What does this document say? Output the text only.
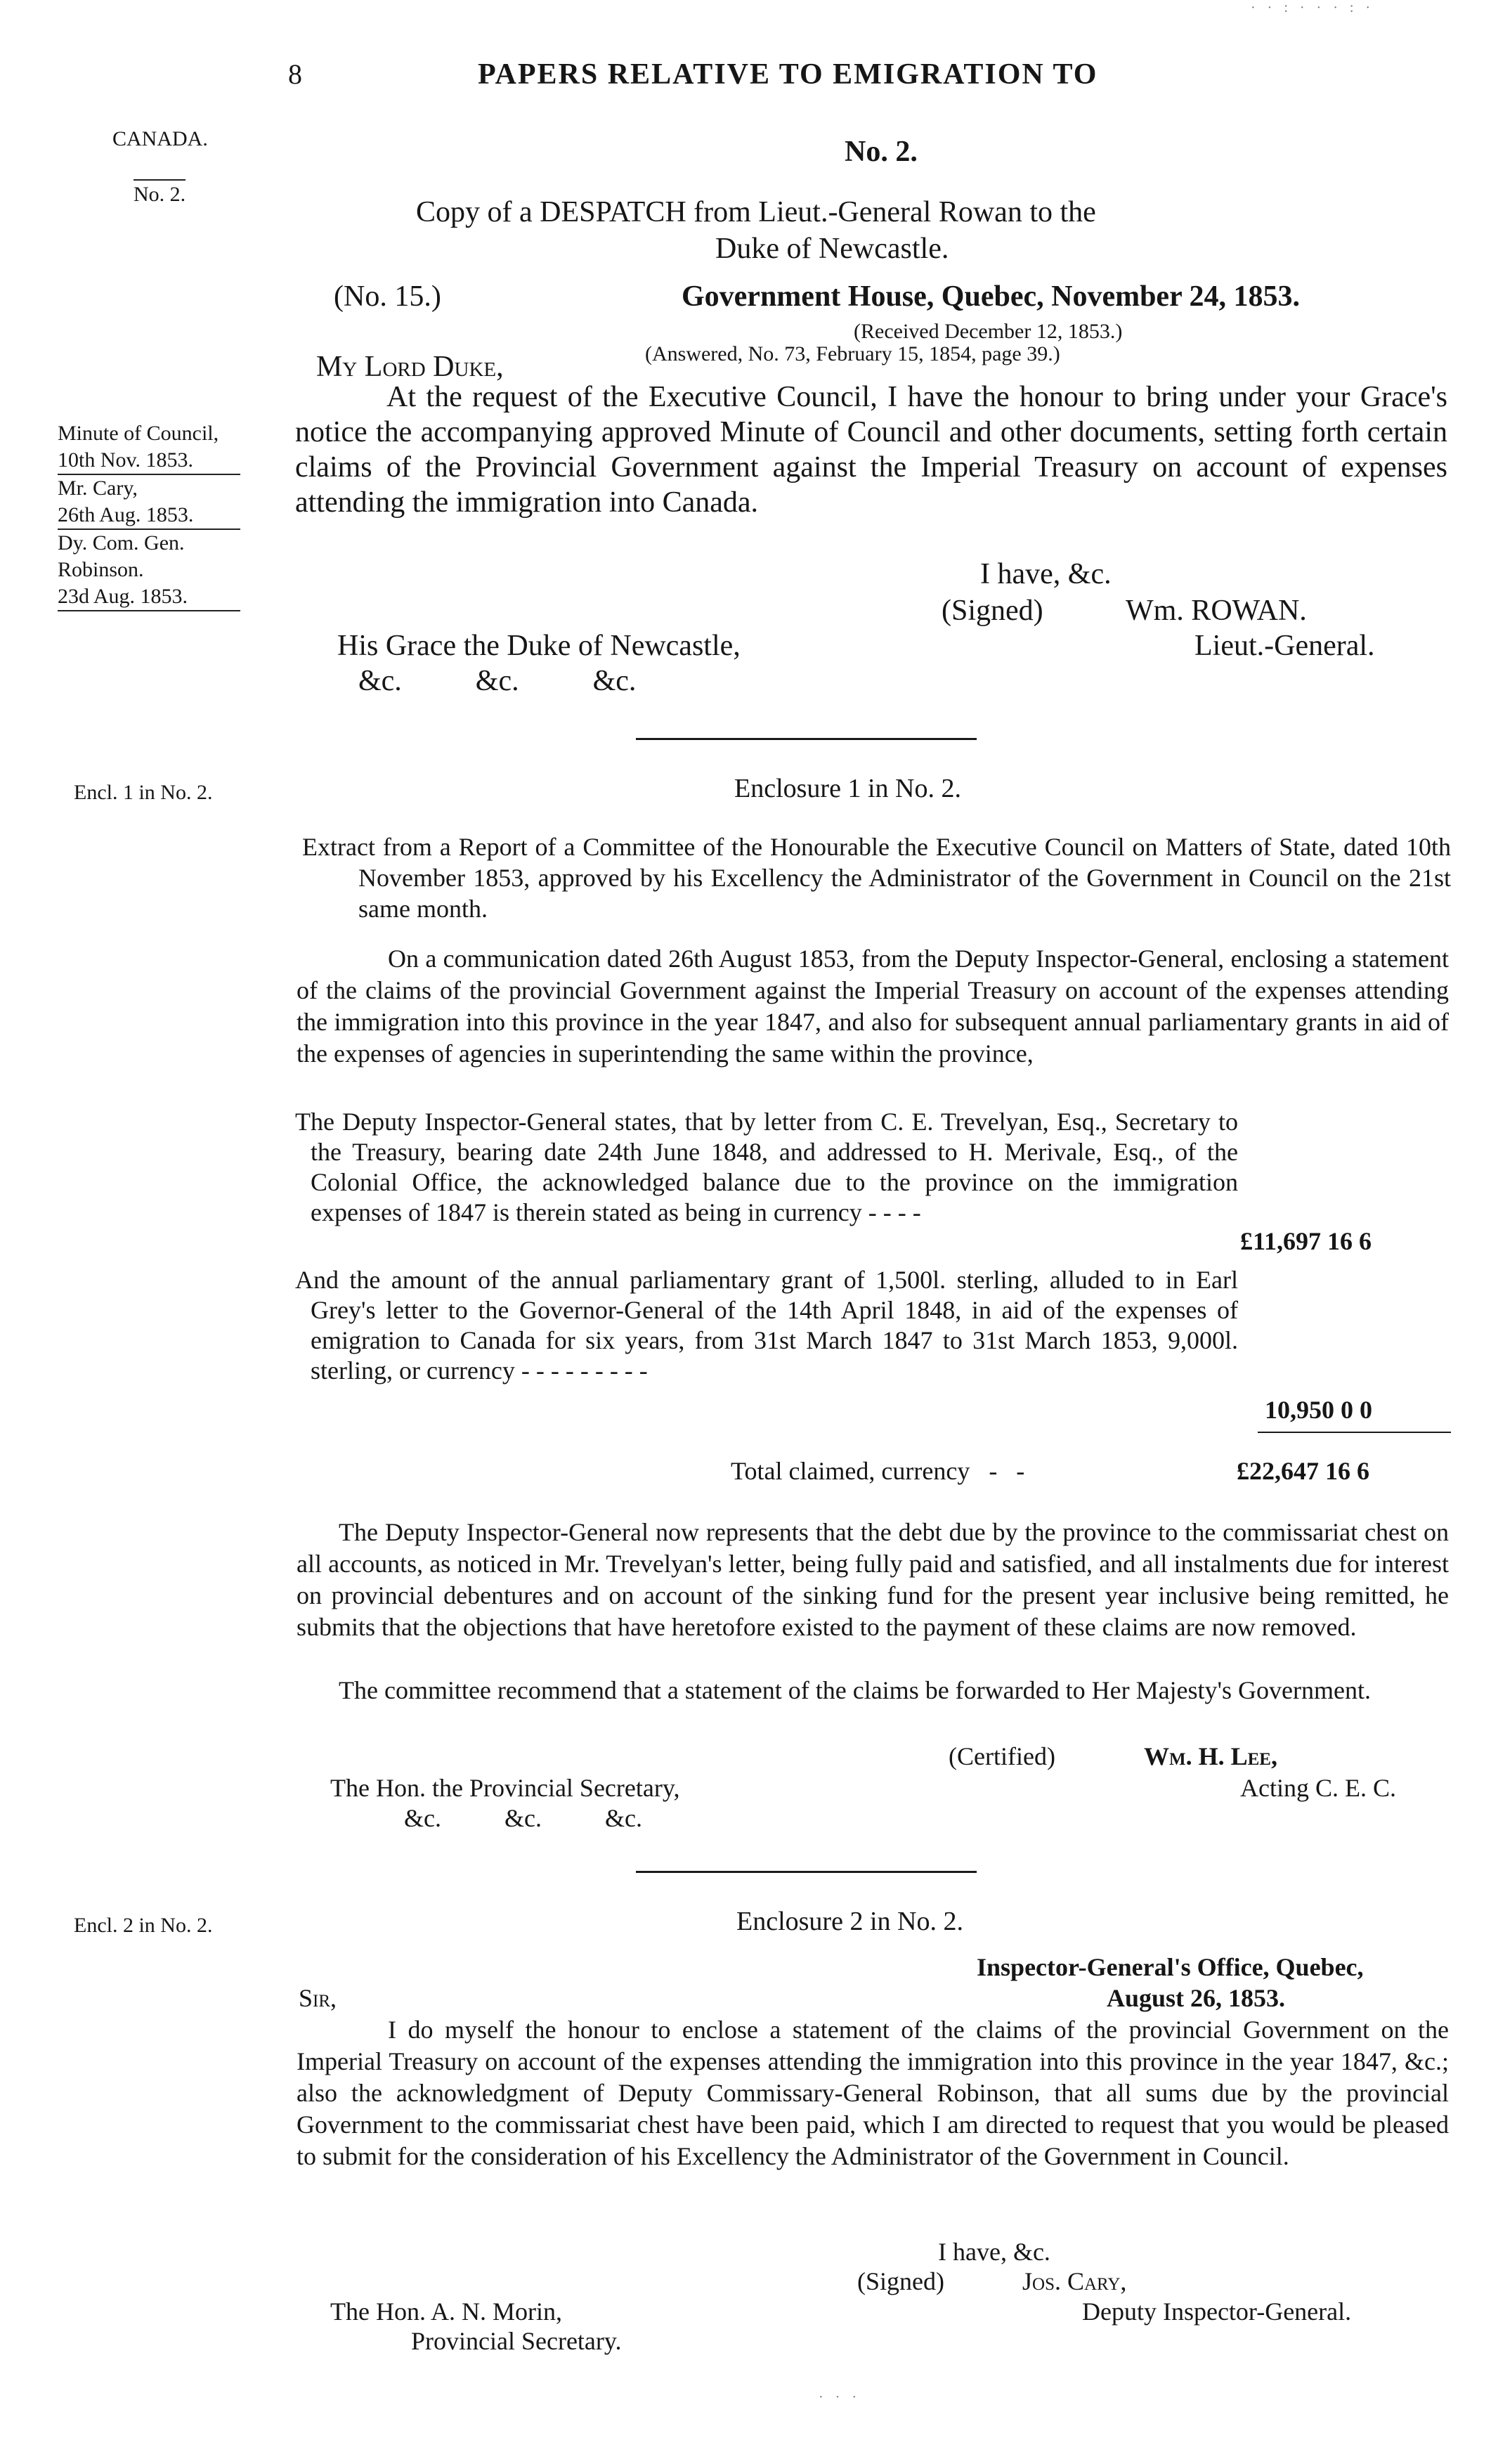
8	PAPERS RELATIVE TO EMIGRATION TO
· · : · · · : ·
CANADA.
No. 2.
Minute of Council,
10th Nov. 1853.
Mr. Cary,
26th Aug. 1853.
Dy. Com. Gen.
Robinson.
23d Aug. 1853.
Encl. 1 in No. 2.
Encl. 2 in No. 2.
No. 2.
Copy of a DESPATCH from Lieut.-General Rowan to the
Duke of Newcastle.
(No. 15.)	Government House, Quebec, November 24, 1853.
(Received December 12, 1853.)
(Answered, No. 73, February 15, 1854, page 39.)
My Lord Duke,
At the request of the Executive Council, I have the honour to bring under your Grace's notice the accompanying approved Minute of Council and other documents, setting forth certain claims of the Provincial Government against the Imperial Treasury on account of expenses attending the immigration into Canada.
I have, &c.
(Signed)	Wm. ROWAN.
Lieut.-General.
His Grace the Duke of Newcastle,
&c.          &c.          &c.
Enclosure 1 in No. 2.
Extract from a Report of a Committee of the Honourable the Executive Council on Matters of State, dated 10th November 1853, approved by his Excellency the Administrator of the Government in Council on the 21st same month.
On a communication dated 26th August 1853, from the Deputy Inspector-General, enclosing a statement of the claims of the provincial Government against the Imperial Treasury on account of the expenses attending the immigration into this province in the year 1847, and also for subsequent annual parliamentary grants in aid of the expenses of agencies in superintending the same within the province,
The Deputy Inspector-General states, that by letter from C. E. Trevelyan, Esq., Secretary to the Treasury, bearing date 24th June 1848, and addressed to H. Merivale, Esq., of the Colonial Office, the acknowledged balance due to the province on the immigration expenses of 1847 is therein stated as being in currency - - - -
£11,697 16 6
And the amount of the annual parliamentary grant of 1,500l. sterling, alluded to in Earl Grey's letter to the Governor-General of the 14th April 1848, in aid of the expenses of emigration to Canada for six years, from 31st March 1847 to 31st March 1853, 9,000l. sterling, or currency - - - - - - - - -
10,950 0 0
Total claimed, currency   -   -	£22,647 16 6
The Deputy Inspector-General now represents that the debt due by the province to the commissariat chest on all accounts, as noticed in Mr. Trevelyan's letter, being fully paid and satisfied, and all instalments due for interest on provincial debentures and on account of the sinking fund for the present year inclusive being remitted, he submits that the objections that have heretofore existed to the payment of these claims are now removed.
The committee recommend that a statement of the claims be forwarded to Her Majesty's Government.
(Certified)	Wm. H. Lee,
Acting C. E. C.
The Hon. the Provincial Secretary,
&c.          &c.          &c.
Enclosure 2 in No. 2.
Inspector-General's Office, Quebec,
August 26, 1853.
Sir,
I do myself the honour to enclose a statement of the claims of the provincial Government on the Imperial Treasury on account of the expenses attending the immigration into this province in the year 1847, &c.; also the acknowledgment of Deputy Commissary-General Robinson, that all sums due by the provincial Government to the commissariat chest have been paid, which I am directed to request that you would be pleased to submit for the consideration of his Excellency the Administrator of the Government in Council.
I have, &c.
(Signed)	Jos. Cary,
Deputy Inspector-General.
The Hon. A. N. Morin,
Provincial Secretary.
· · ·
